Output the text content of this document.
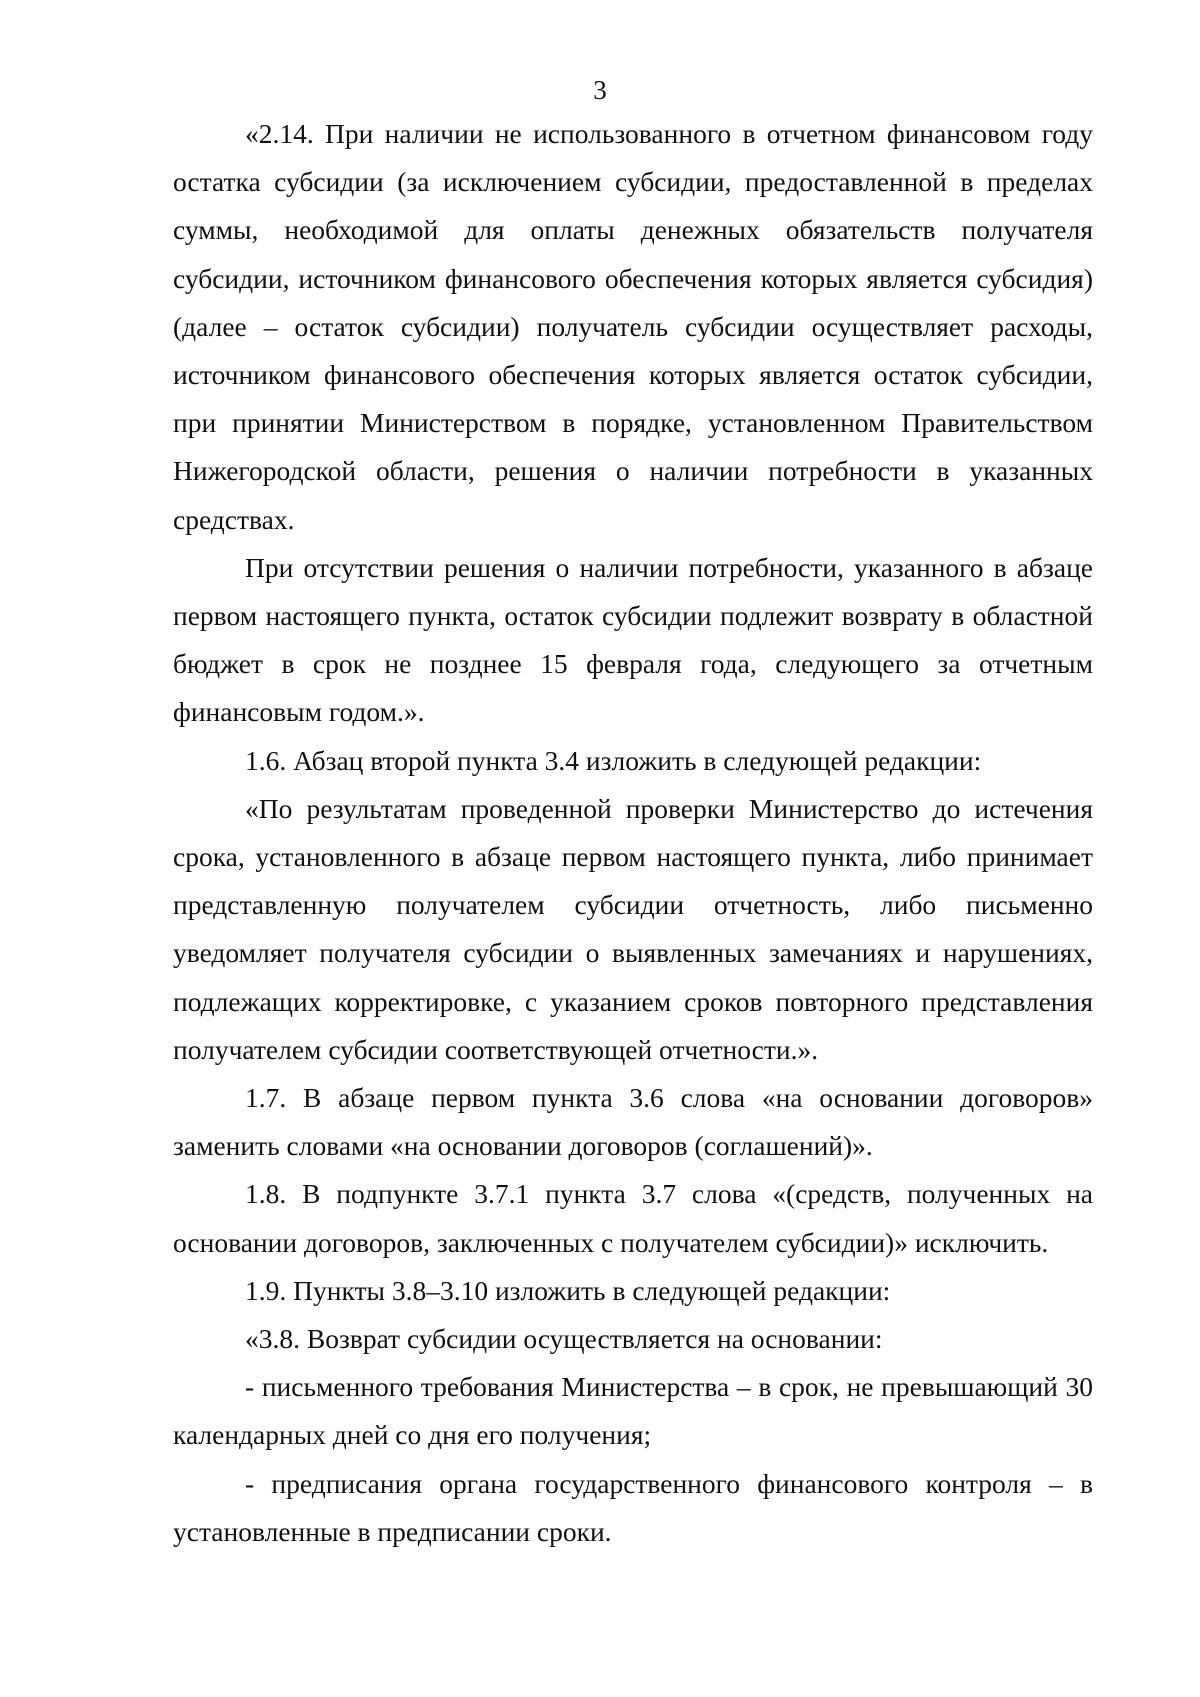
3

«2.14. При наличии не использованного в отчетном финансовом году остатка субсидии (за исключением субсидии, предоставленной в пределах суммы, необходимой для оплаты денежных обязательств получателя субсидии, источником финансового обеспечения которых является субсидия) (далее – остаток субсидии) получатель субсидии осуществляет расходы, источником финансового обеспечения которых является остаток субсидии, при принятии Министерством в порядке, установленном Правительством Нижегородской области, решения о наличии потребности в указанных средствах.

При отсутствии решения о наличии потребности, указанного в абзаце первом настоящего пункта, остаток субсидии подлежит возврату в областной бюджет в срок не позднее 15 февраля года, следующего за отчетным финансовым годом.».

1.6. Абзац второй пункта 3.4 изложить в следующей редакции:

«По результатам проведенной проверки Министерство до истечения срока, установленного в абзаце первом настоящего пункта, либо принимает представленную получателем субсидии отчетность, либо письменно уведомляет получателя субсидии о выявленных замечаниях и нарушениях, подлежащих корректировке, с указанием сроков повторного представления получателем субсидии соответствующей отчетности.».

1.7. В абзаце первом пункта 3.6 слова «на основании договоров» заменить словами «на основании договоров (соглашений)».

1.8. В подпункте 3.7.1 пункта 3.7 слова «(средств, полученных на основании договоров, заключенных с получателем субсидии)» исключить.

1.9. Пункты 3.8–3.10 изложить в следующей редакции:

«3.8. Возврат субсидии осуществляется на основании:

- письменного требования Министерства – в срок, не превышающий 30 календарных дней со дня его получения;

- предписания органа государственного финансового контроля – в установленные в предписании сроки.
